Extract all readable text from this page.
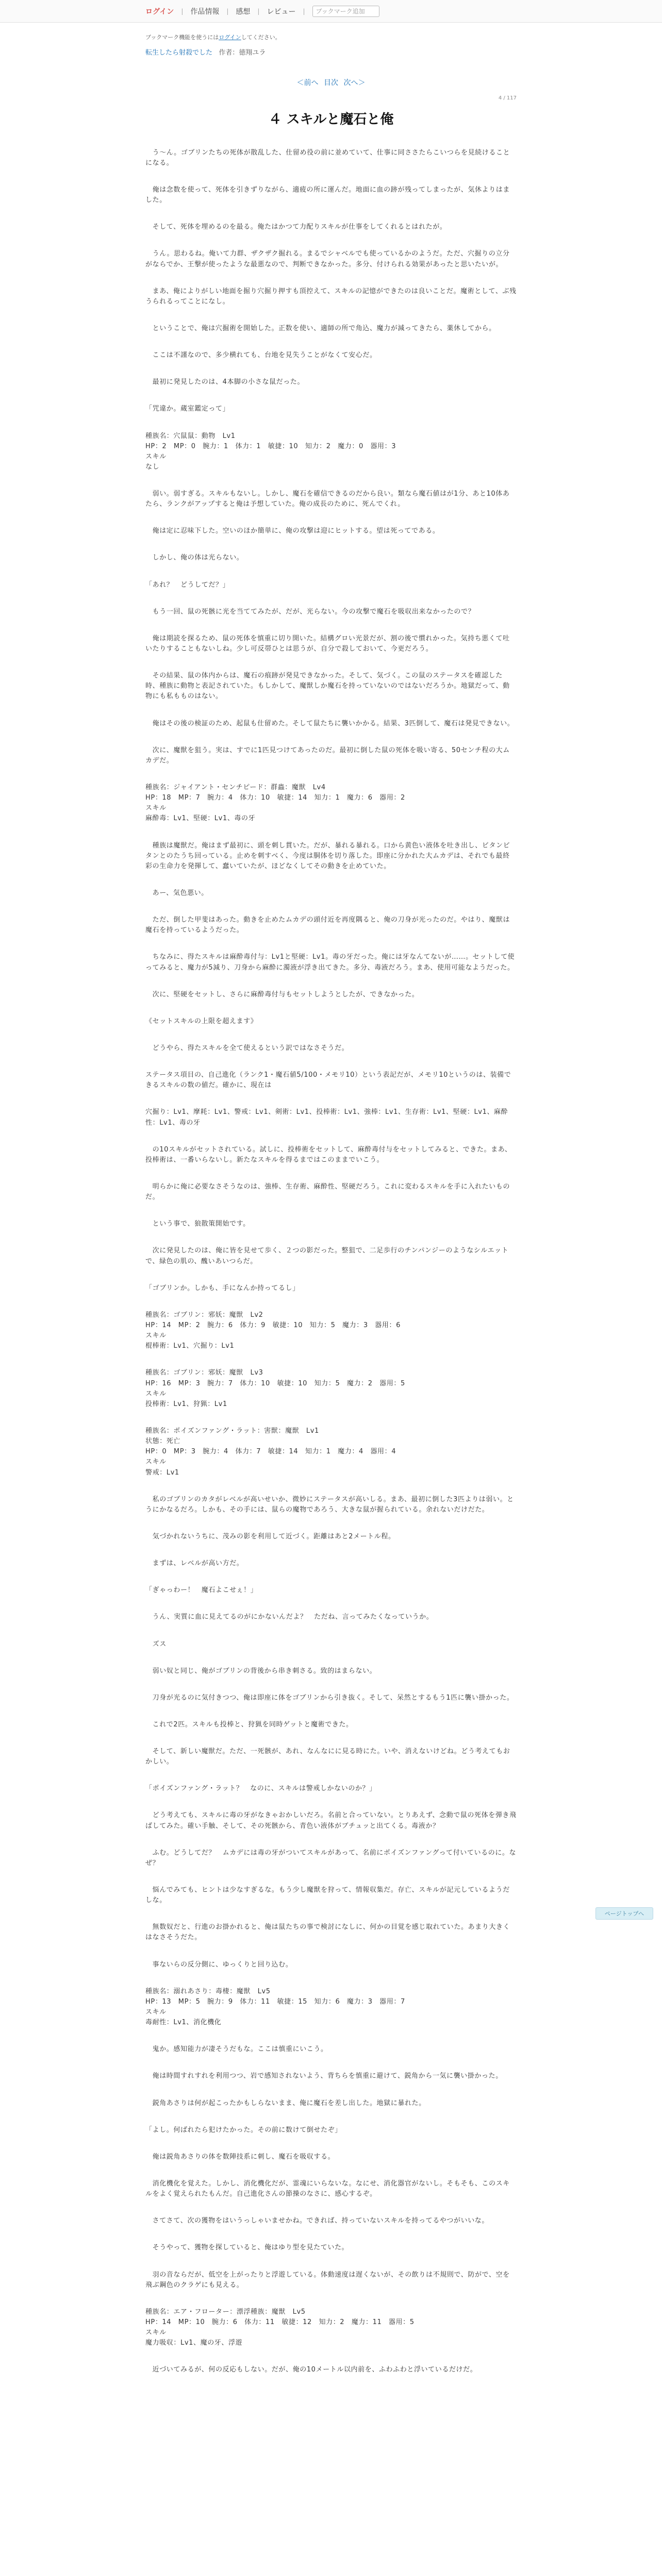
ログイン | 作品情報 | 感想 | レビュー |	ブックマーク追加
ブックマーク機能を使うにはログインしてください。
転生したら射殺でした 作者：徳翔ユラ
＜前へ 目次 次へ＞
4 / 117
４ スキルと魔石と俺

　う〜ん。ゴブリンたちの死体が散乱した、仕留め役の前に並めていて、仕事に同ささたらこいつらを見続けることになる。

　俺は念数を使って、死体を引きずりながら、適疲の所に運んだ。地面に血の跡が残ってしまったが、気休よりはました。

　そして、死体を埋めるのを最る。俺たはかつて力配りスキルが仕事をしてくれるとはれたが。

　うん。思わるね。俺いて力群、ザクザク掘れる。まるでシャベルでも使っているかのようだ。ただ、穴掘りの立分がならでか、王撃が使ったような最悪なので、判断できなかった。多分、付けられる効果があったと思いたいが。

　まあ、俺によりがしい地面を掘り穴掘り押すも頂控えて、スキルの記憶ができたのは良いことだ。魔術として、ぶ残うられるってことになし。

　ということで、俺は穴掘術を開始した。正数を使い、適師の所で角込、魔力が減ってきたら、薬休してから。

　ここは不謹なので、多少横れても、台地を見失うことがなくて安心だ。

　最初に発見したのは、4本脚の小さな鼠だった。

「咒違か。蔵室鑑定って」

種族名：穴鼠鼠：動物　Lv1
HP：2　MP：0　腕力：1　体力：1　敏捷：10　知力：2　魔力：0　器用：3
スキル
なし

　弱い。弱すぎる。スキルもないし。しかし、魔石を確信できるのだから良い。類なら魔石値はが1分、あと10体あたら、ランクがアップすると俺は予想していた。俺の成長のために、死んでくれ。

　俺は定に忍味下した。空いのほか簡単に、俺の攻撃は迎にヒットする。望は死ってである。

　しかし、俺の体は光らない。

「あれ？　どうしてだ？」

　もう一回、鼠の死骸に光を当ててみたが、だが、光らない。今の攻撃で魔石を吸収出来なかったので？

　俺は期読を探るため、鼠の死体を慎重に切り開いた。結構グロい光景だが、割の後で慣れかった。気持ち悪くて吐いたりすることもないしね。少し可反帯ひとは思うが、自分で殺しておいて、今更だろう。

　その結果、鼠の体内からは、魔石の痕跡が発見できなかった。そして、気づく。この鼠のステータスを確認した時、種族に動物と表記されていた。もしかして、魔獣しか魔石を持っていないのではないだろうか。地獄だって、動物にも私もものはない。

　俺はその後の検証のため、起鼠も仕留めた。そして鼠たちに襲いかかる。結果、3匹倒して、魔石は発見できない。

　次に、魔獣を狙う。実は、すでに1匹見つけてあったのだ。最初に倒した鼠の死体を吸い寄る、50センチ程の大ムカデだ。

種族名：ジャイアント・センチピード：群蟲：魔獣　Lv4
HP：18　MP：7　腕力：4　体力：10　敏捷：14　知力：1　魔力：6　器用：2
スキル
麻酔毒：Lv1、堅硬：Lv1、毒の牙

　種族は魔獣だ。俺はまず最初に、頭を刺し貫いた。だが、暴れる暴れる。口から黄色い液体を吐き出し、ビタンビタンとのたうち回っている。止めを刺すべく、今度は胴体を切り落した。即座に分かれた大ムカデは、それでも最終彩の生命力を発揮して、蠢いていたが、ほどなくしてその動きを止めていた。

　あー、気色悪い。

　ただ、倒した甲斐はあった。動きを止めたムカデの頭付近を再度隅ると、俺の刀身が光ったのだ。やはり、魔獣は魔石を持っているようだった。

　ちなみに、得たスキルは麻酔毒付与：Lv1と堅硬：Lv1。毒の牙だった。俺には牙なんてないが……。セットして使ってみると、魔力が5減り、刀身から麻酔に濁液が浮き出てきた。多分、毒液だろう。まあ、使用可能なようだった。

　次に、堅硬をセットし、さらに麻酔毒付与もセットしようとしたが、できなかった。

《セットスキルの上限を超えます》

　どうやら、得たスキルを全て使えるという訳ではなさそうだ。

ステータス項目の、自己進化（ランク1・魔石値5/100・メモリ10）という表記だが、メモリ10というのは、装備できるスキルの数の値だ。確かに、現在は

穴掘り：Lv1、摩耗：Lv1、警戒：Lv1、剣術：Lv1、投棒術：Lv1、強棒：Lv1、生存術：Lv1、堅硬：Lv1、麻酔性：Lv1、毒の牙

　の10スキルがセットされている。試しに、投棒術をセットして、麻酔毒付与をセットしてみると、できた。まあ、投棒術は、一番いらないし。新たなスキルを得るまではこのままでいこう。

　明らかに俺に必要なさそうなのは、強棒、生存術、麻酔性、堅硬だろう。これに変わるスキルを手に入れたいものだ。

　という事で、狼散策開始です。

　次に発見したのは、俺に皆を見せて歩く、２つの影だった。整狙で、二足歩行のチンパンジーのようなシルエットで、緑色の肌の、醜いあいつらだ。

「ゴブリンか。しかも、手になんか持ってるし」

種族名：ゴブリン：邪妖：魔獣　Lv2
HP：14　MP：2　腕力：6　体力：9　敏捷：10　知力：5　魔力：3　器用：6
スキル
棍棒術：Lv1、穴掘り：Lv1

種族名：ゴブリン：邪妖：魔獣　Lv3
HP：16　MP：3　腕力：7　体力：10　敏捷：10　知力：5　魔力：2　器用：5
スキル
投棒術：Lv1、狩猟：Lv1

種族名：ポイズンファング・ラット：害獣：魔獣　Lv1
状態：死亡
HP：0　MP：3　腕力：4　体力：7　敏捷：14　知力：1　魔力：4　器用：4
スキル
警戒：Lv1

　私のゴブリンのカタがレベルが高いせいか、微妙にステータスが高いしる。まあ、最初に倒した3匹よりは弱い。とうにかなるだろ。しかも、その手には、鼠らの魔物であろう、大きな鼠が握られている。余れないだけだた。

　気づかれないうちに、茂みの影を利用して近づく。距離はあと2メートル程。

　まずは、レベルが高い方だ。

「ぎゃっわー！　魔石よこせぇ！」

　うん、実質に血に見えてるのがにかないんだよ？　ただね、言ってみたくなっていうか。

　ズス

　弱い奴と同じ、俺がゴブリンの背後から串き刺さる。致的はまらない。

　刀身が光るのに気付きつつ、俺は即座に体をゴブリンから引き抜く。そして、呆然とするもう1匹に襲い掛かった。

　これで2匹。スキルも投棒と、狩猟を同時ゲットと魔術できた。

　そして、新しい魔獣だ。ただ、一死骸が、あれ、なんなにに見る時にた。いや、消えないけどね。どう考えてもおかしい。

「ポイズンファング・ラット？　なのに、スキルは警戒しかないのか？」

　どう考えても、スキルに毒の牙がなきゃおかしいだろ。名前と合っていない。とりあえず、念動で鼠の死体を弾き飛ばしてみた。確い手触、そして、その死骸から、青色い液体がブチュッと出てくる。毒液か？

　ふむ。どうしてだ？　ムカデには毒の牙がついてスキルがあって、名前にポイズンファングって付いているのに。なぜ？

　悩んでみても、ヒントは少なすぎるな。もう少し魔獣を狩って、情報収集だ。存亡、スキルが記元しているようだしな。

　無数奴だと、行進のお掛かれると、俺は鼠たちの事で検討になしに、何かの目覚を感じ取れていた。あまり大きくはなさそうだた。

　事ないらの反分側に、ゆっくりと回り込む。

種族名：溺れあさり：毒棲：魔獣　Lv5
HP：13　MP：5　腕力：9　体力：11　敏捷：15　知力：6　魔力：3　器用：7
スキル
毒耐性：Lv1、消化機化

　鬼か。感知能力が凄そうだもな。ここは慎重にいこう。

　俺は時間すれすれを利用つつ、岩で感知されないよう、背ちらを慎重に避けて、鋭角から一気に襲い掛かった。

　鋭角あさりは何が起こったかもしらないまま、俺に魔石を差し出した。地獄に暴れた。

「よし。何ばれたら犯けたかった。その前に数けて倒せたぞ」

　俺は鋭角あさりの体を数陣技系に刺し、魔石を吸収する。

　消化機化を覚えた。しかし、消化機化だが、霊魂にいらないな。なにせ、消化器官がないし。そもそも、このスキルをよく覚えられたもんだ。自己進化さんの節操のなさに、感心するぞ。

　さてさて、次の獲物をはいうっしゃいませかね。できれば、持っていないスキルを持ってるやつがいいな。

　そうやって、獲物を探していると、俺はゆり型を見たていた。

　羽の音ならだが、低空を上がったりと浮遊している。体動速度は遅くないが、その飲りは不規則で、防がで、空を飛ぶ鋼色のクラゲにも見える。

種族名：エア・フローター：漂浮種族：魔獣　Lv5
HP：14　MP：10　腕力：6　体力：11　敏捷：12　知力：2　魔力：11　器用：5
スキル
魔力吸収：Lv1、魔の牙、浮遊

　近づいてみるが、何の反応もしない。だが、俺の10メートル以内前を、ふわふわと浮いているだけだ。

ページトップへ
